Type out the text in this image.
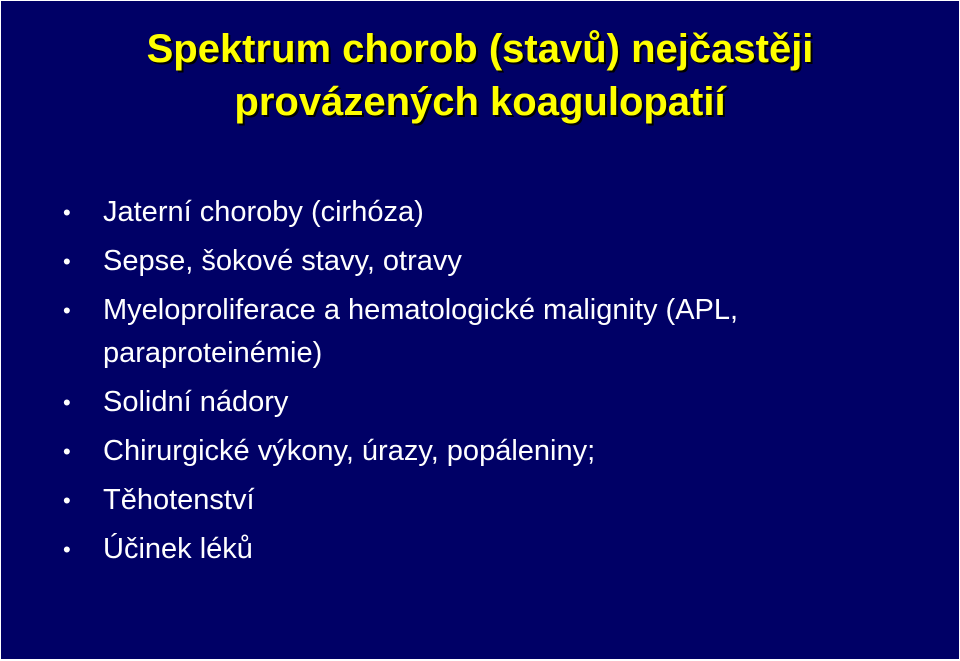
Spektrum chorob (stavů) nejčastěji
provázených koagulopatií
•	Jaterní choroby (cirhóza)
•	Sepse, šokové stavy, otravy
•	Myeloproliferace a hematologické malignity (APL,
paraproteinémie)
•	Solidní nádory
•	Chirurgické výkony, úrazy, popáleniny;
•	Těhotenství
•	Účinek léků
